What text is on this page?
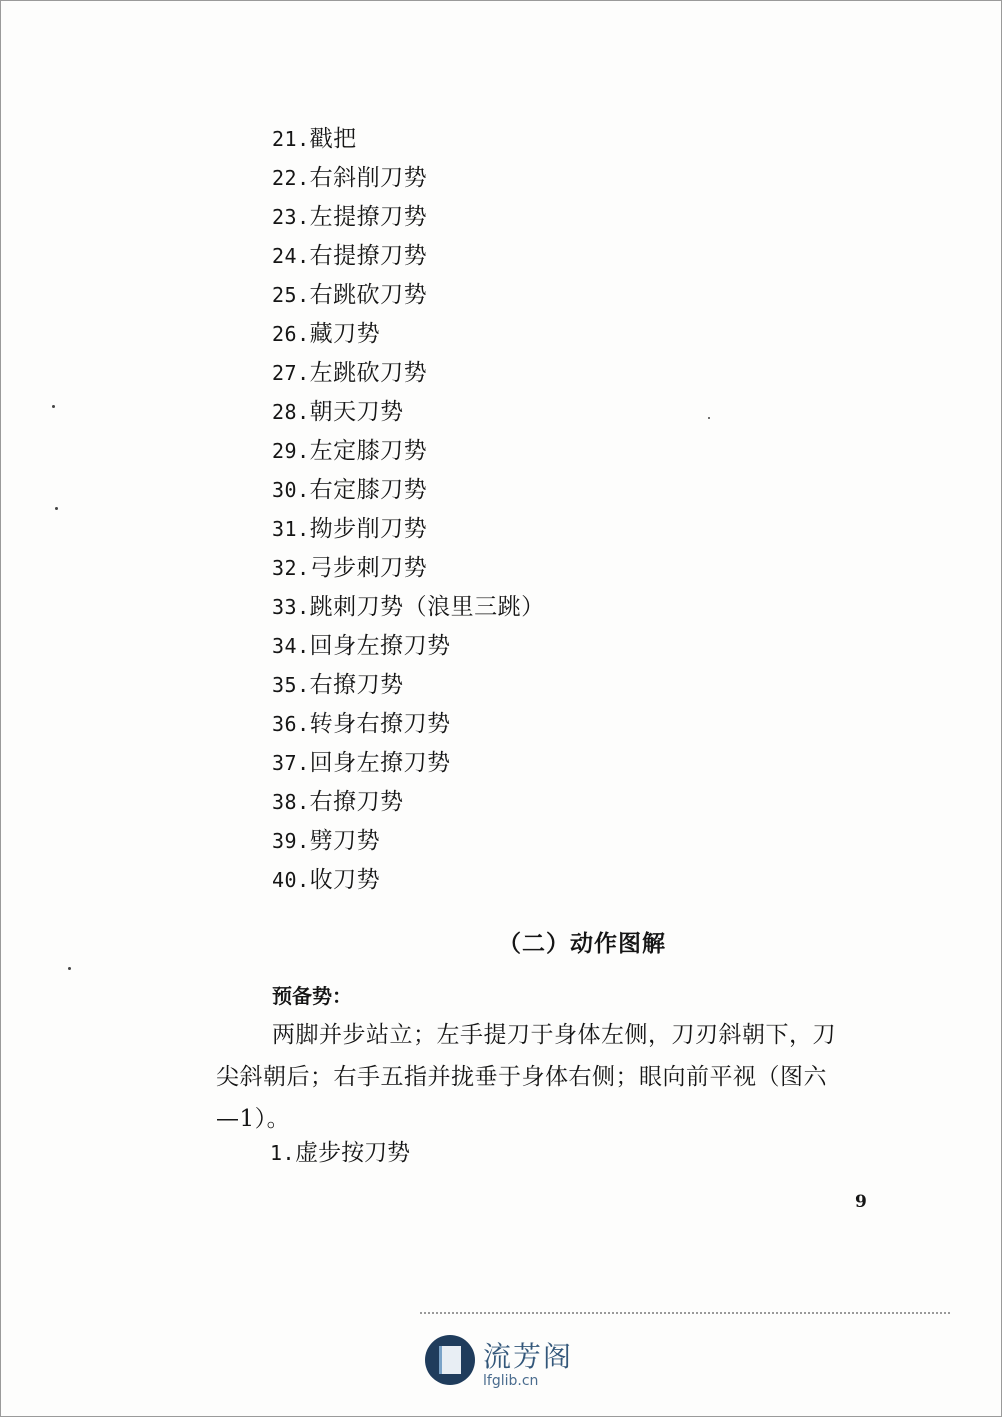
21.戳把
22.右斜削刀势
23.左提撩刀势
24.右提撩刀势
25.右跳砍刀势
26.藏刀势
27.左跳砍刀势
28.朝天刀势
29.左定膝刀势
30.右定膝刀势
31.拗步削刀势
32.弓步刺刀势
33.跳刺刀势（浪里三跳）
34.回身左撩刀势
35.右撩刀势
36.转身右撩刀势
37.回身左撩刀势
38.右撩刀势
39.劈刀势
40.收刀势
（二）动作图解
预备势：
两脚并步站立；左手提刀于身体左侧，刀刃斜朝下，刀
尖斜朝后；右手五指并拢垂于身体右侧；眼向前平视（图六
—1）。
1.虚步按刀势
9
流芳阁
lfglib.cn
